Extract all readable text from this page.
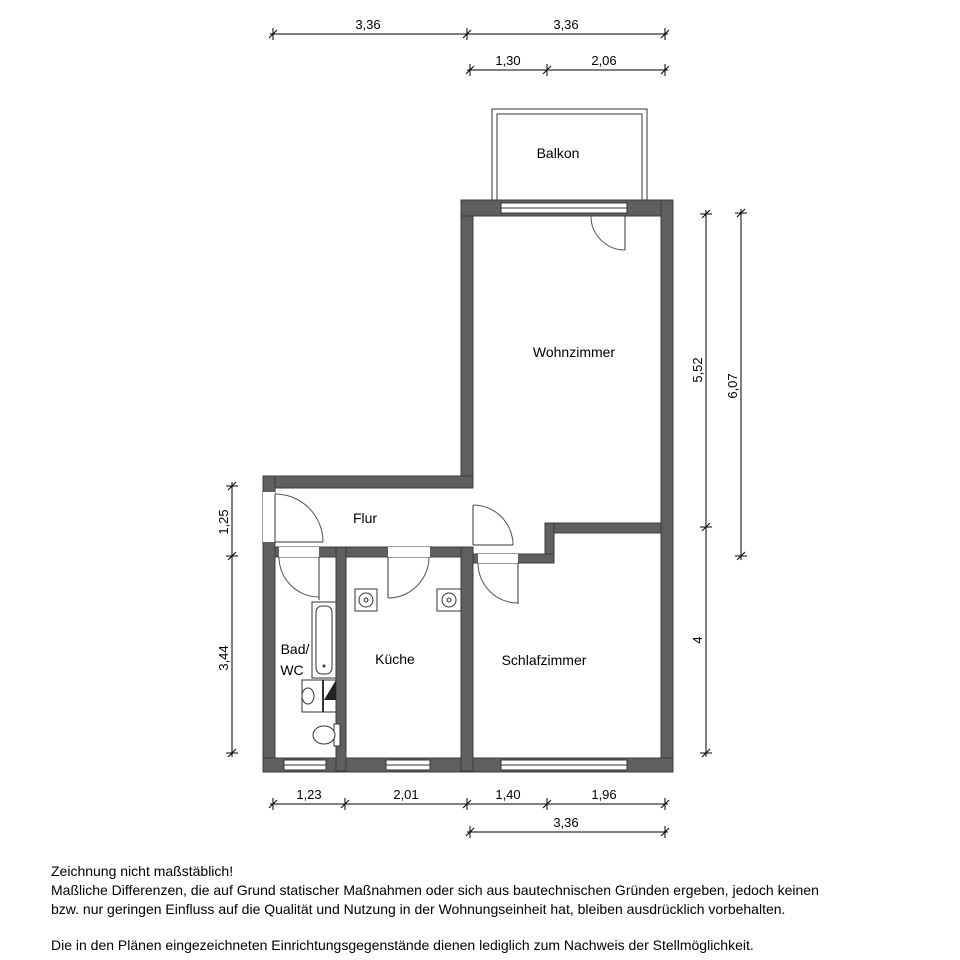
3,36	3,36
1,30	2,06
5,52
4
6,07
1,25
3,44
1,23	2,01	1,40	1,96
3,36
Balkon
Wohnzimmer
Flur
Bad/
WC
Küche	Schlafzimmer
Zeichnung nicht maßstäblich!
Maßliche Differenzen, die auf Grund statischer Maßnahmen oder sich aus bautechnischen Gründen ergeben, jedoch keinen
bzw. nur geringen Einfluss auf die Qualität und Nutzung in der Wohnungseinheit hat, bleiben ausdrücklich vorbehalten.
Die in den Plänen eingezeichneten Einrichtungsgegenstände dienen lediglich zum Nachweis der Stellmöglichkeit.
